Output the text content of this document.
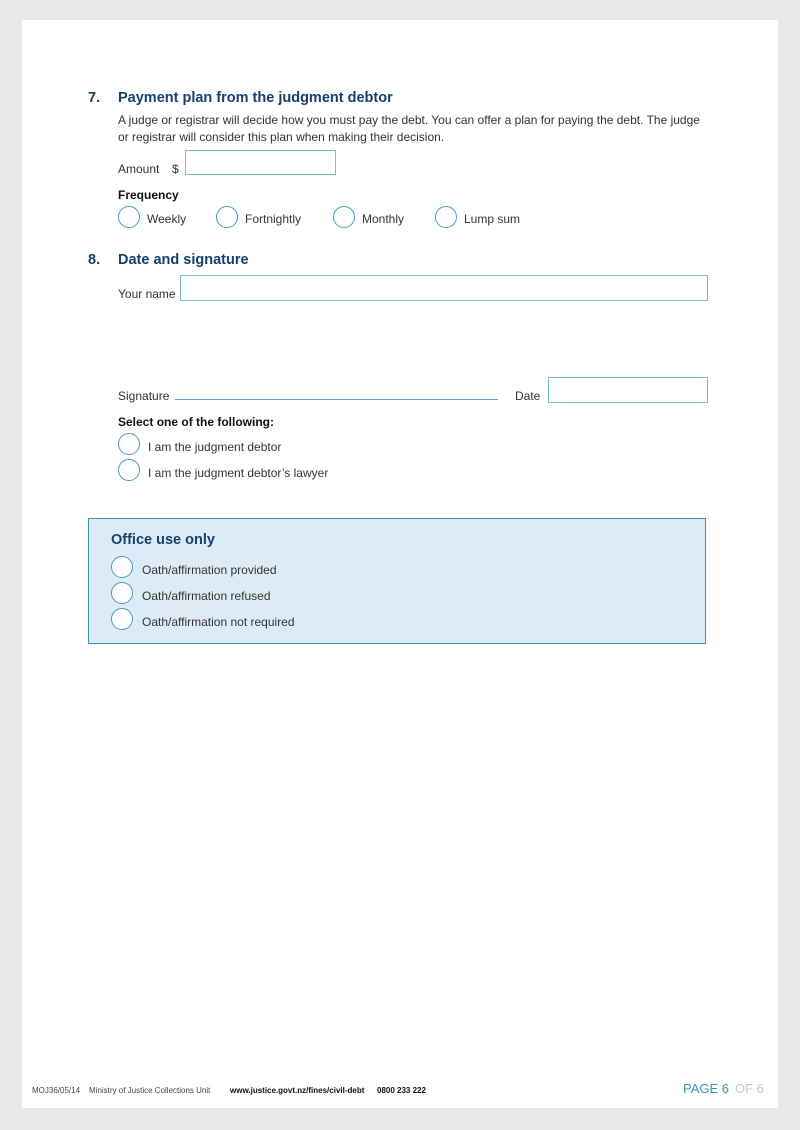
7. Payment plan from the judgment debtor
A judge or registrar will decide how you must pay the debt. You can offer a plan for paying the debt. The judge
or registrar will consider this plan when making their decision.
Amount $
Frequency
Weekly	Fortnightly	Monthly	Lump sum
8. Date and signature
Your name
Signature	Date
Select one of the following:
I am the judgment debtor
I am the judgment debtor’s lawyer
Office use only
Oath/affirmation provided
Oath/affirmation refused
Oath/affirmation not required
MOJ36/05/14 Ministry of Justice Collections Unit www.justice.govt.nz/fines/civil-debt 0800 233 222	PAGE 6 OF 6
